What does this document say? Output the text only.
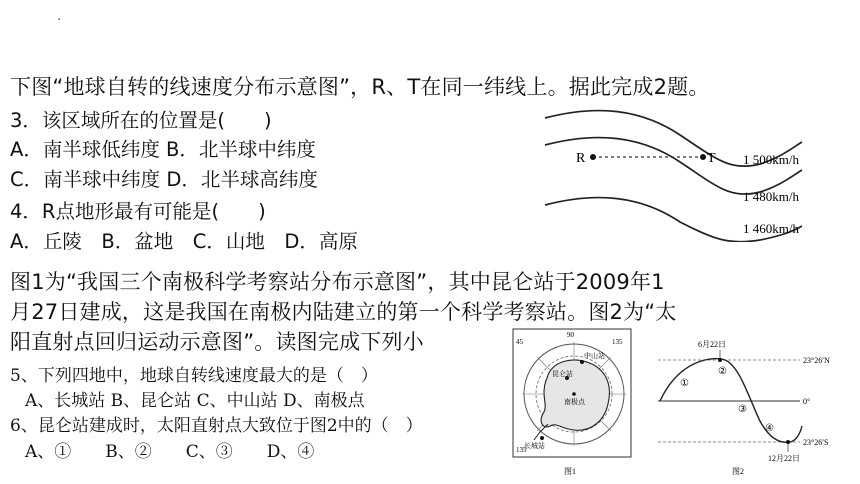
下图“地球自转的线速度分布示意图”，R、T在同一纬线上。据此完成2题。
3．该区域所在的位置是(　　)
A．南半球低纬度 B．北半球中纬度
C．南半球中纬度 D．北半球高纬度
4．R点地形最有可能是(　　)
A．丘陵　B．盆地　C．山地　D．高原
R	T 1 500km/h
1 480km/h
1 460km/h
图1为“我国三个南极科学考察站分布示意图”，其中昆仑站于2009年1
月27日建成，这是我国在南极内陆建立的第一个科学考察站。图2为“太
阳直射点回归运动示意图”。读图完成下列小
5、下列四地中，地球自转线速度最大的是（　）
A、长城站 B、昆仑站 C、中山站 D、南极点
6、昆仑站建成时，太阳直射点大致位于图2中的（　）
A、①　　B、②　　C、③　　D、④
90
45	135
135
中山站
昆仑站
南极点
长城站
图1
6月22日
12月22日
23°26′N
0°
23°26′S
①
②
③
④
图2
